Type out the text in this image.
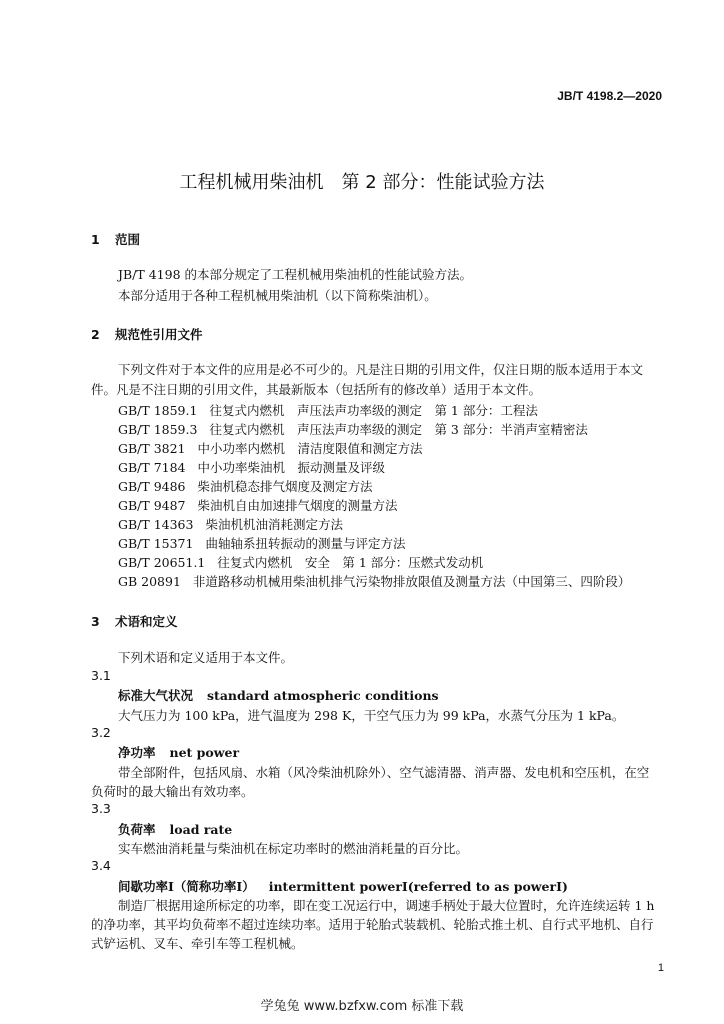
JB/T 4198.2—2020
工程机械用柴油机　第 2 部分：性能试验方法
1 范围
JB/T 4198 的本部分规定了工程机械用柴油机的性能试验方法。
本部分适用于各种工程机械用柴油机（以下简称柴油机）。
2 规范性引用文件
下列文件对于本文件的应用是必不可少的。凡是注日期的引用文件，仅注日期的版本适用于本文
件。凡是不注日期的引用文件，其最新版本（包括所有的修改单）适用于本文件。
GB/T 1859.1 往复式内燃机　声压法声功率级的测定　第 1 部分：工程法
GB/T 1859.3 往复式内燃机　声压法声功率级的测定　第 3 部分：半消声室精密法
GB/T 3821 中小功率内燃机　清洁度限值和测定方法
GB/T 7184 中小功率柴油机　振动测量及评级
GB/T 9486 柴油机稳态排气烟度及测定方法
GB/T 9487 柴油机自由加速排气烟度的测量方法
GB/T 14363 柴油机机油消耗测定方法
GB/T 15371 曲轴轴系扭转振动的测量与评定方法
GB/T 20651.1 往复式内燃机　安全　第 1 部分：压燃式发动机
GB 20891 非道路移动机械用柴油机排气污染物排放限值及测量方法（中国第三、四阶段）
3 术语和定义
下列术语和定义适用于本文件。
3.1
标准大气状况 standard atmospheric conditions
大气压力为 100 kPa，进气温度为 298 K，干空气压力为 99 kPa，水蒸气分压为 1 kPa。
3.2
净功率 net power
带全部附件，包括风扇、水箱（风冷柴油机除外）、空气滤清器、消声器、发电机和空压机，在空
负荷时的最大输出有效功率。
3.3
负荷率 load rate
实车燃油消耗量与柴油机在标定功率时的燃油消耗量的百分比。
3.4
间歇功率Ⅰ（简称功率Ⅰ） intermittent powerⅠ(referred to as powerⅠ)
制造厂根据用途所标定的功率，即在变工况运行中，调速手柄处于最大位置时，允许连续运转 1 h
的净功率，其平均负荷率不超过连续功率。适用于轮胎式装载机、轮胎式推土机、自行式平地机、自行
式铲运机、叉车、牵引车等工程机械。
1
学兔兔 www.bzfxw.com 标准下载
